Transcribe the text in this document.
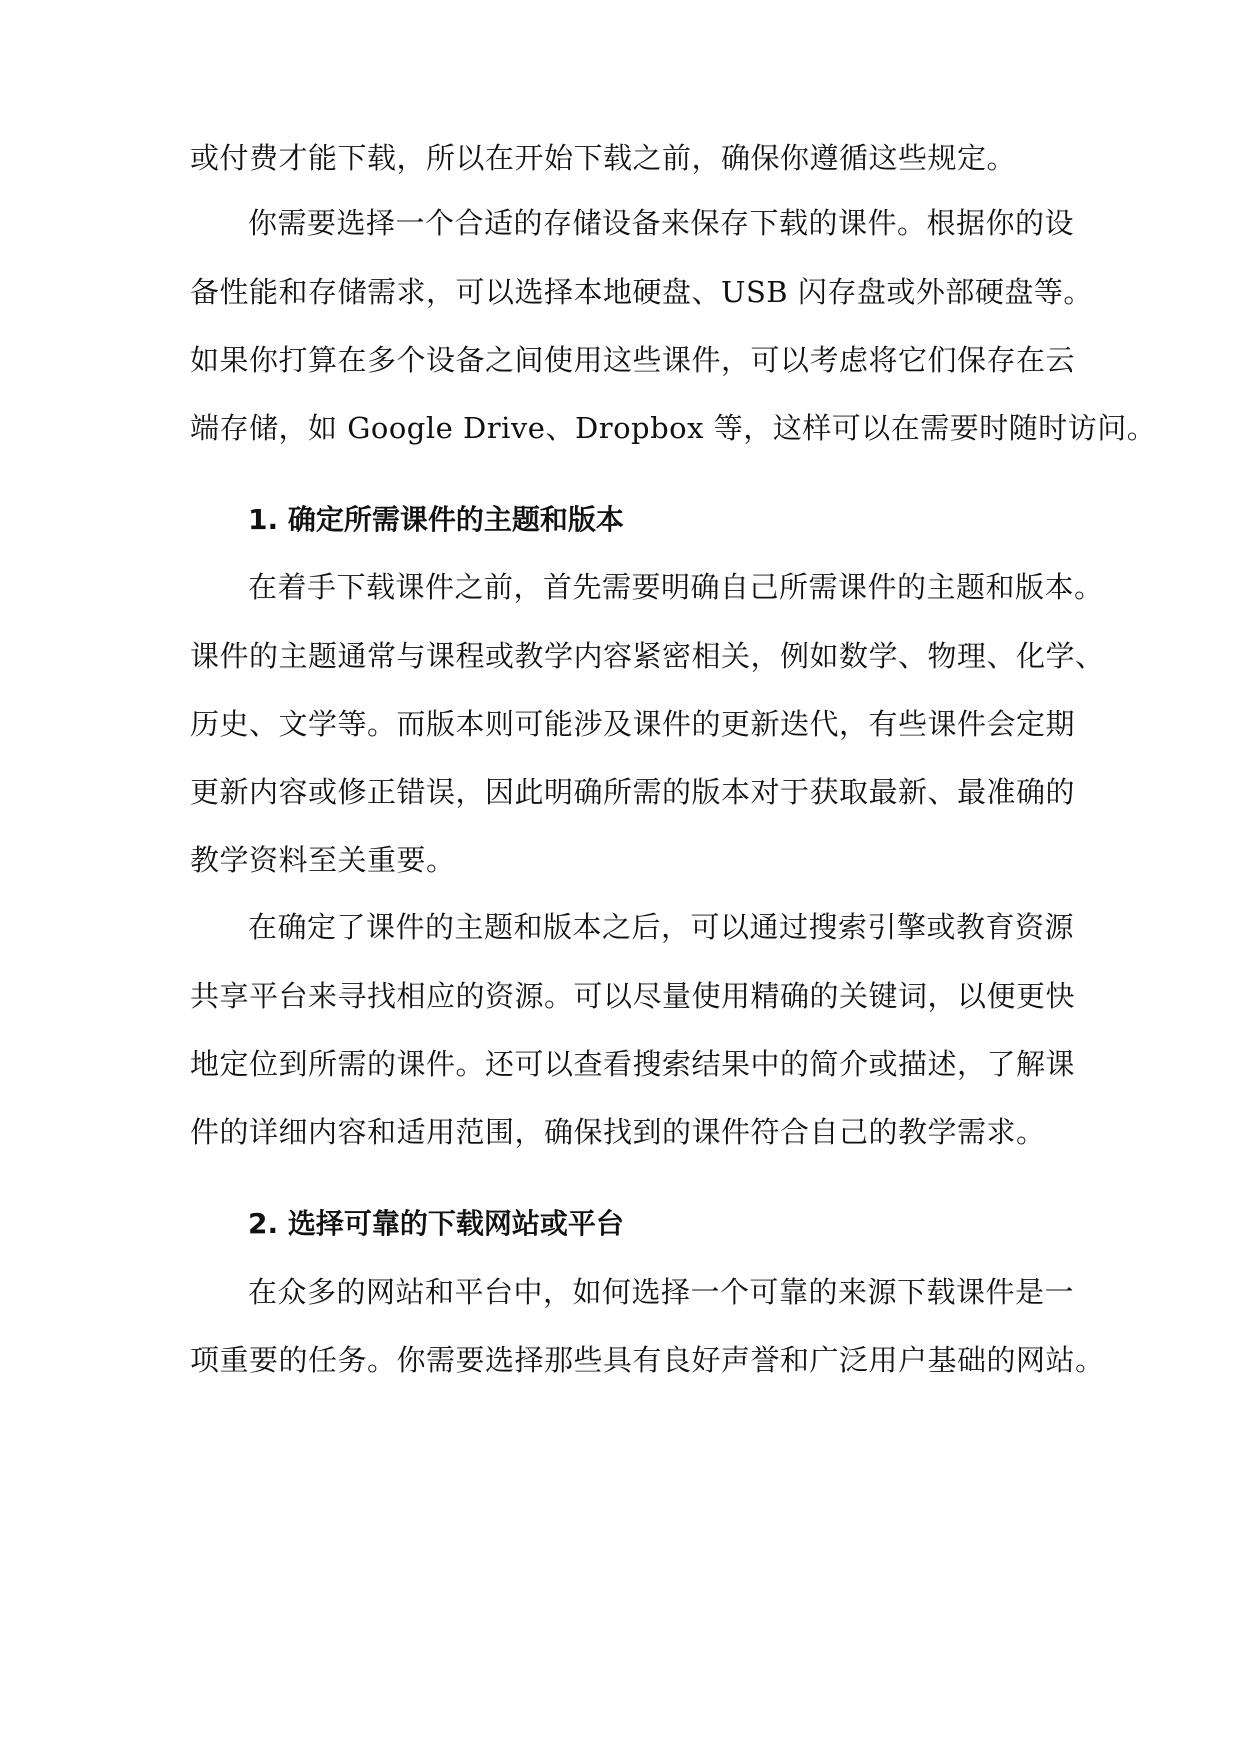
或付费才能下载，所以在开始下载之前，确保你遵循这些规定。
你需要选择一个合适的存储设备来保存下载的课件。根据你的设
备性能和存储需求，可以选择本地硬盘、USB 闪存盘或外部硬盘等。
如果你打算在多个设备之间使用这些课件，可以考虑将它们保存在云
端存储，如 Google Drive、Dropbox 等，这样可以在需要时随时访问。
1. 确定所需课件的主题和版本
在着手下载课件之前，首先需要明确自己所需课件的主题和版本。
课件的主题通常与课程或教学内容紧密相关，例如数学、物理、化学、
历史、文学等。而版本则可能涉及课件的更新迭代，有些课件会定期
更新内容或修正错误，因此明确所需的版本对于获取最新、最准确的
教学资料至关重要。
在确定了课件的主题和版本之后，可以通过搜索引擎或教育资源
共享平台来寻找相应的资源。可以尽量使用精确的关键词，以便更快
地定位到所需的课件。还可以查看搜索结果中的简介或描述，了解课
件的详细内容和适用范围，确保找到的课件符合自己的教学需求。
2. 选择可靠的下载网站或平台
在众多的网站和平台中，如何选择一个可靠的来源下载课件是一
项重要的任务。你需要选择那些具有良好声誉和广泛用户基础的网站。
